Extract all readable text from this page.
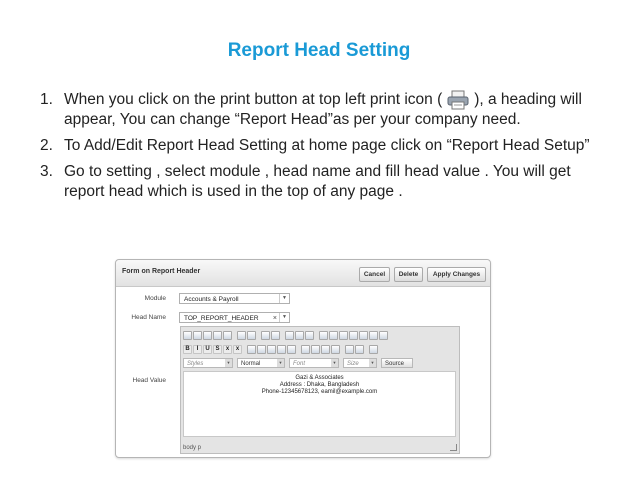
Report Head Setting
1. When you click on the print button at top left print icon ( ), a heading will appear, You can change “Report Head”as per your company need.
2. To Add/Edit Report Head Setting at home page click on “Report Head Setup”
3. Go to setting , select module , head name and fill head value . You will get report head which is used in the top of any page .
Form on Report Header	Cancel	Delete	Apply Changes
Module	Accounts & Payroll	▼
Head Name	TOP_REPORT_HEADER ×	▼
Head Value
B	I	U S	x	x
Styles	▼	Normal	▼	Font	▼	Size	▼	Source
Gazi & Associates
Address : Dhaka, Bangladesh
Phone-12345678123, eamil@example.com
body p
